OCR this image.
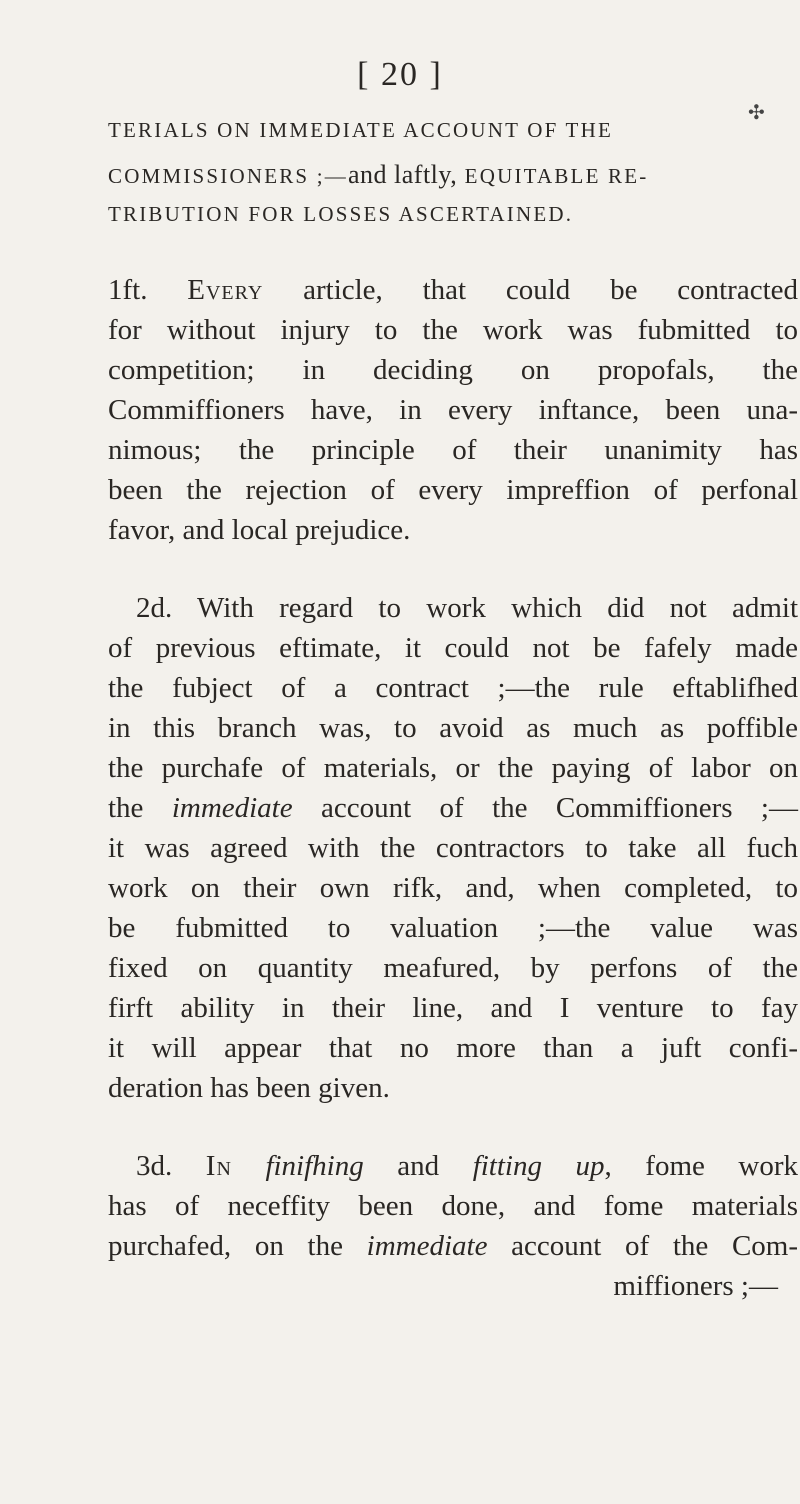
[ 20 ]
✣
TERIALS ON IMMEDIATE ACCOUNT OF THE
COMMISSIONERS ;—and laftly, EQUITABLE RE-
TRIBUTION FOR LOSSES ASCERTAINED.
1ft. Every article, that could be contracted
for without injury to the work was fubmitted to
competition; in deciding on propofals, the
Commiffioners have, in every inftance, been una-
nimous; the principle of their unanimity has
been the rejection of every impreffion of perfonal
favor, and local prejudice.
2d. With regard to work which did not admit
of previous eftimate, it could not be fafely made
the fubject of a contract ;—the rule eftablifhed
in this branch was, to avoid as much as poffible
the purchafe of materials, or the paying of labor on
the immediate account of the Commiffioners ;—
it was agreed with the contractors to take all fuch
work on their own rifk, and, when completed, to
be fubmitted to valuation ;—the value was
fixed on quantity meafured, by perfons of the
firft ability in their line, and I venture to fay
it will appear that no more than a juft confi-
deration has been given.
3d. In finifhing and fitting up, fome work
has of neceffity been done, and fome materials
purchafed, on the immediate account of the Com-
miffioners ;—
